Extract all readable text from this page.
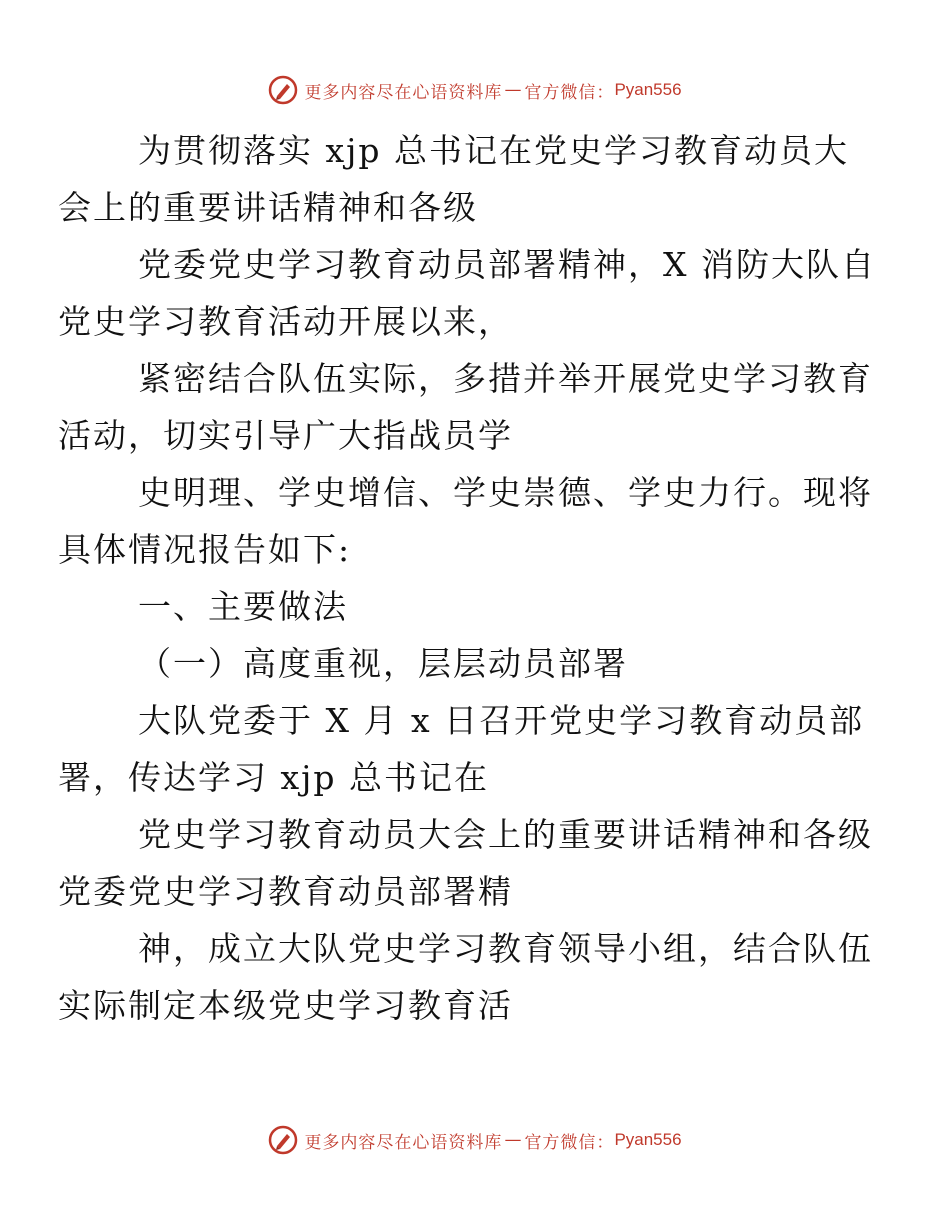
更多内容尽在心语资料库 — 官方微信： Pyan556

为贯彻落实 xjp 总书记在党史学习教育动员大
会上的重要讲话精神和各级

党委党史学习教育动员部署精神，X 消防大队自
党史学习教育活动开展以来，

紧密结合队伍实际，多措并举开展党史学习教育
活动，切实引导广大指战员学

史明理、学史增信、学史崇德、学史力行。现将
具体情况报告如下:

一、主要做法

（一）高度重视，层层动员部署

大队党委于 X 月 x 日召开党史学习教育动员部
署，传达学习 xjp 总书记在

党史学习教育动员大会上的重要讲话精神和各级
党委党史学习教育动员部署精

神，成立大队党史学习教育领导小组，结合队伍
实际制定本级党史学习教育活

更多内容尽在心语资料库 — 官方微信： Pyan556
